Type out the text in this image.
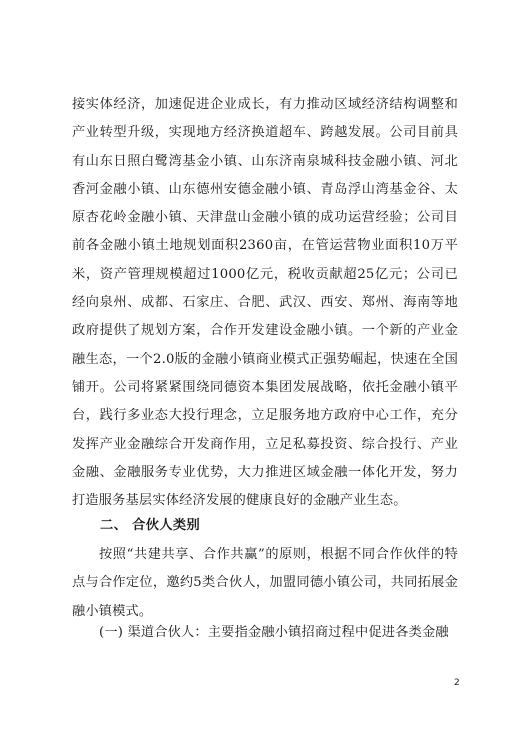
接实体经济，加速促进企业成长，有力推动区域经济结构调整和产业转型升级，实现地方经济换道超车、跨越发展。公司目前具有山东日照白鹭湾基金小镇、山东济南泉城科技金融小镇、河北香河金融小镇、山东德州安德金融小镇、青岛浮山湾基金谷、太原杏花岭金融小镇、天津盘山金融小镇的成功运营经验；公司目前各金融小镇土地规划面积2360亩，在管运营物业面积10万平米，资产管理规模超过1000亿元，税收贡献超25亿元；公司已经向泉州、成都、石家庄、合肥、武汉、西安、郑州、海南等地政府提供了规划方案，合作开发建设金融小镇。一个新的产业金融生态，一个2.0版的金融小镇商业模式正强势崛起，快速在全国铺开。公司将紧紧围绕同德资本集团发展战略，依托金融小镇平台，践行多业态大投行理念，立足服务地方政府中心工作，充分发挥产业金融综合开发商作用，立足私募投资、综合投行、产业金融、金融服务专业优势，大力推进区域金融一体化开发，努力打造服务基层实体经济发展的健康良好的金融产业生态。

二、 合伙人类别

按照“共建共享、合作共赢”的原则，根据不同合作伙伴的特点与合作定位，邀约5类合伙人，加盟同德小镇公司，共同拓展金融小镇模式。

(一) 渠道合伙人：主要指金融小镇招商过程中促进各类金融

2
